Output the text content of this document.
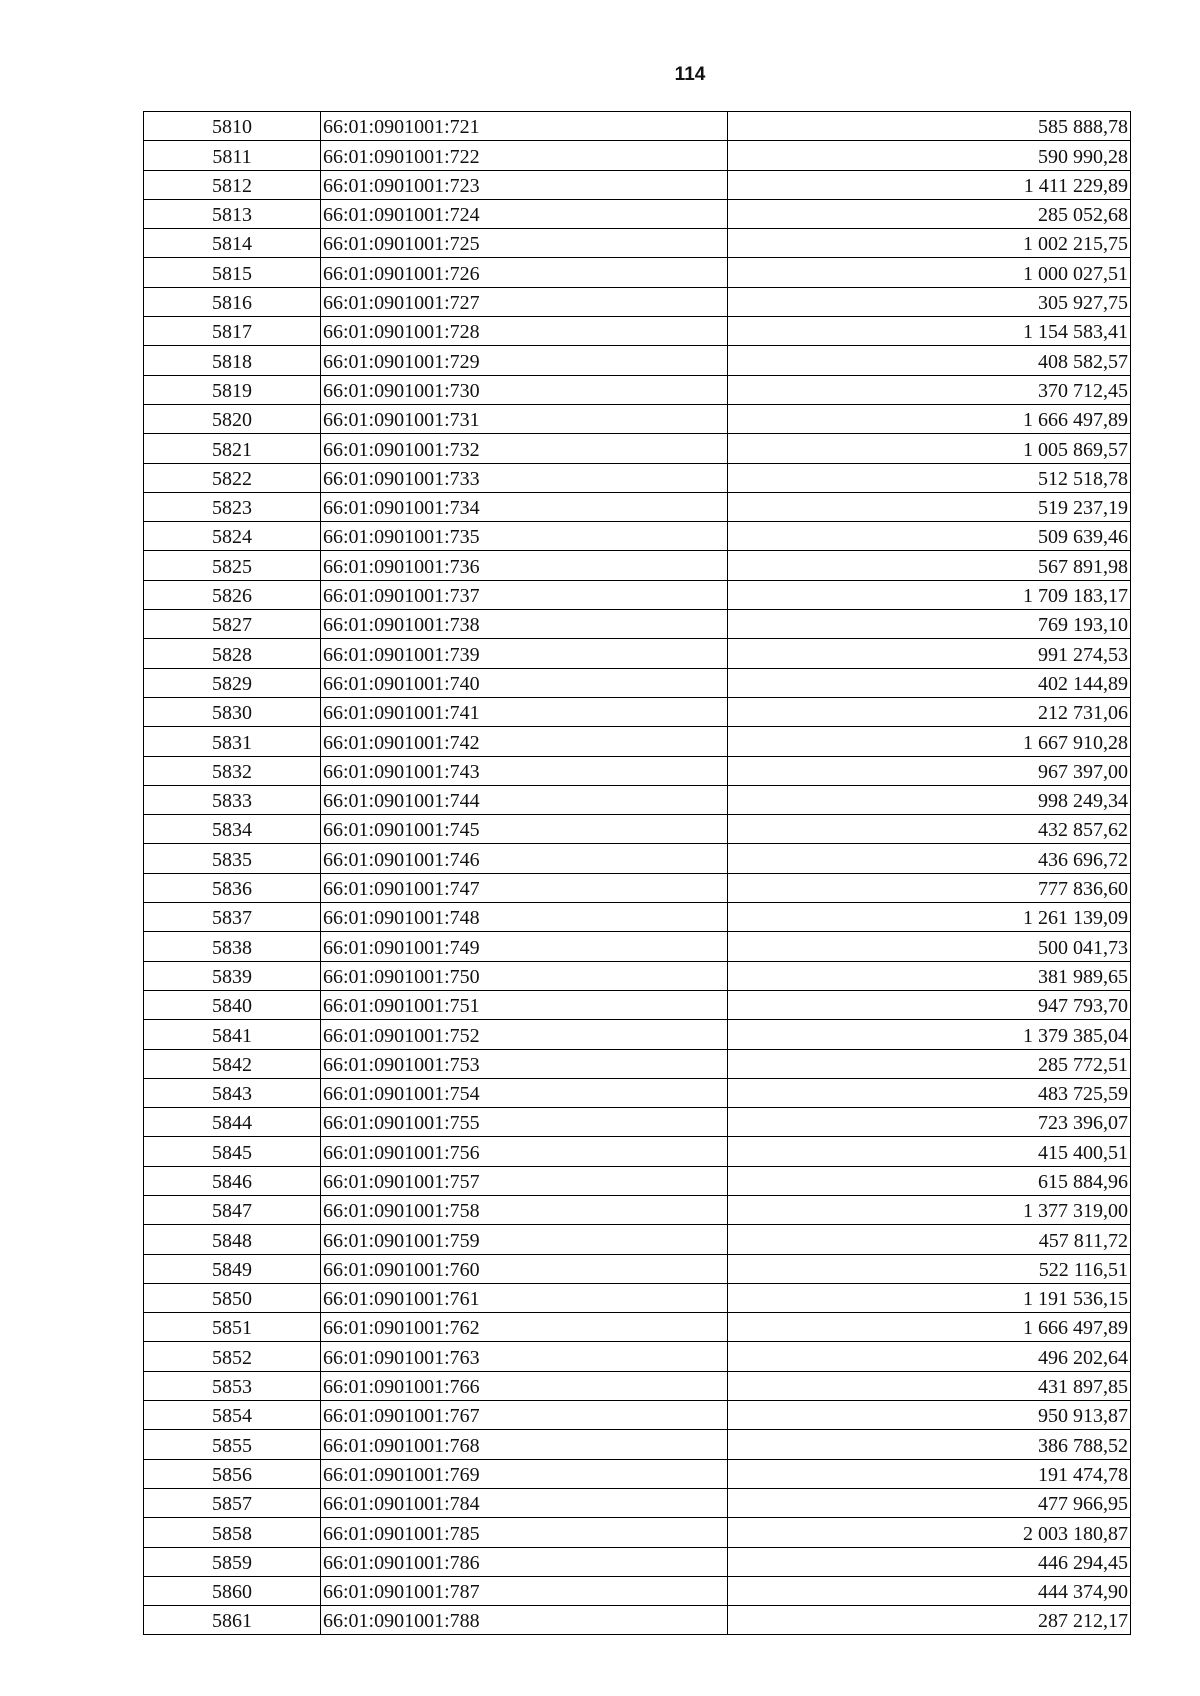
114
5810	66:01:0901001:721	585 888,78
5811	66:01:0901001:722	590 990,28
5812	66:01:0901001:723	1 411 229,89
5813	66:01:0901001:724	285 052,68
5814	66:01:0901001:725	1 002 215,75
5815	66:01:0901001:726	1 000 027,51
5816	66:01:0901001:727	305 927,75
5817	66:01:0901001:728	1 154 583,41
5818	66:01:0901001:729	408 582,57
5819	66:01:0901001:730	370 712,45
5820	66:01:0901001:731	1 666 497,89
5821	66:01:0901001:732	1 005 869,57
5822	66:01:0901001:733	512 518,78
5823	66:01:0901001:734	519 237,19
5824	66:01:0901001:735	509 639,46
5825	66:01:0901001:736	567 891,98
5826	66:01:0901001:737	1 709 183,17
5827	66:01:0901001:738	769 193,10
5828	66:01:0901001:739	991 274,53
5829	66:01:0901001:740	402 144,89
5830	66:01:0901001:741	212 731,06
5831	66:01:0901001:742	1 667 910,28
5832	66:01:0901001:743	967 397,00
5833	66:01:0901001:744	998 249,34
5834	66:01:0901001:745	432 857,62
5835	66:01:0901001:746	436 696,72
5836	66:01:0901001:747	777 836,60
5837	66:01:0901001:748	1 261 139,09
5838	66:01:0901001:749	500 041,73
5839	66:01:0901001:750	381 989,65
5840	66:01:0901001:751	947 793,70
5841	66:01:0901001:752	1 379 385,04
5842	66:01:0901001:753	285 772,51
5843	66:01:0901001:754	483 725,59
5844	66:01:0901001:755	723 396,07
5845	66:01:0901001:756	415 400,51
5846	66:01:0901001:757	615 884,96
5847	66:01:0901001:758	1 377 319,00
5848	66:01:0901001:759	457 811,72
5849	66:01:0901001:760	522 116,51
5850	66:01:0901001:761	1 191 536,15
5851	66:01:0901001:762	1 666 497,89
5852	66:01:0901001:763	496 202,64
5853	66:01:0901001:766	431 897,85
5854	66:01:0901001:767	950 913,87
5855	66:01:0901001:768	386 788,52
5856	66:01:0901001:769	191 474,78
5857	66:01:0901001:784	477 966,95
5858	66:01:0901001:785	2 003 180,87
5859	66:01:0901001:786	446 294,45
5860	66:01:0901001:787	444 374,90
5861	66:01:0901001:788	287 212,17
